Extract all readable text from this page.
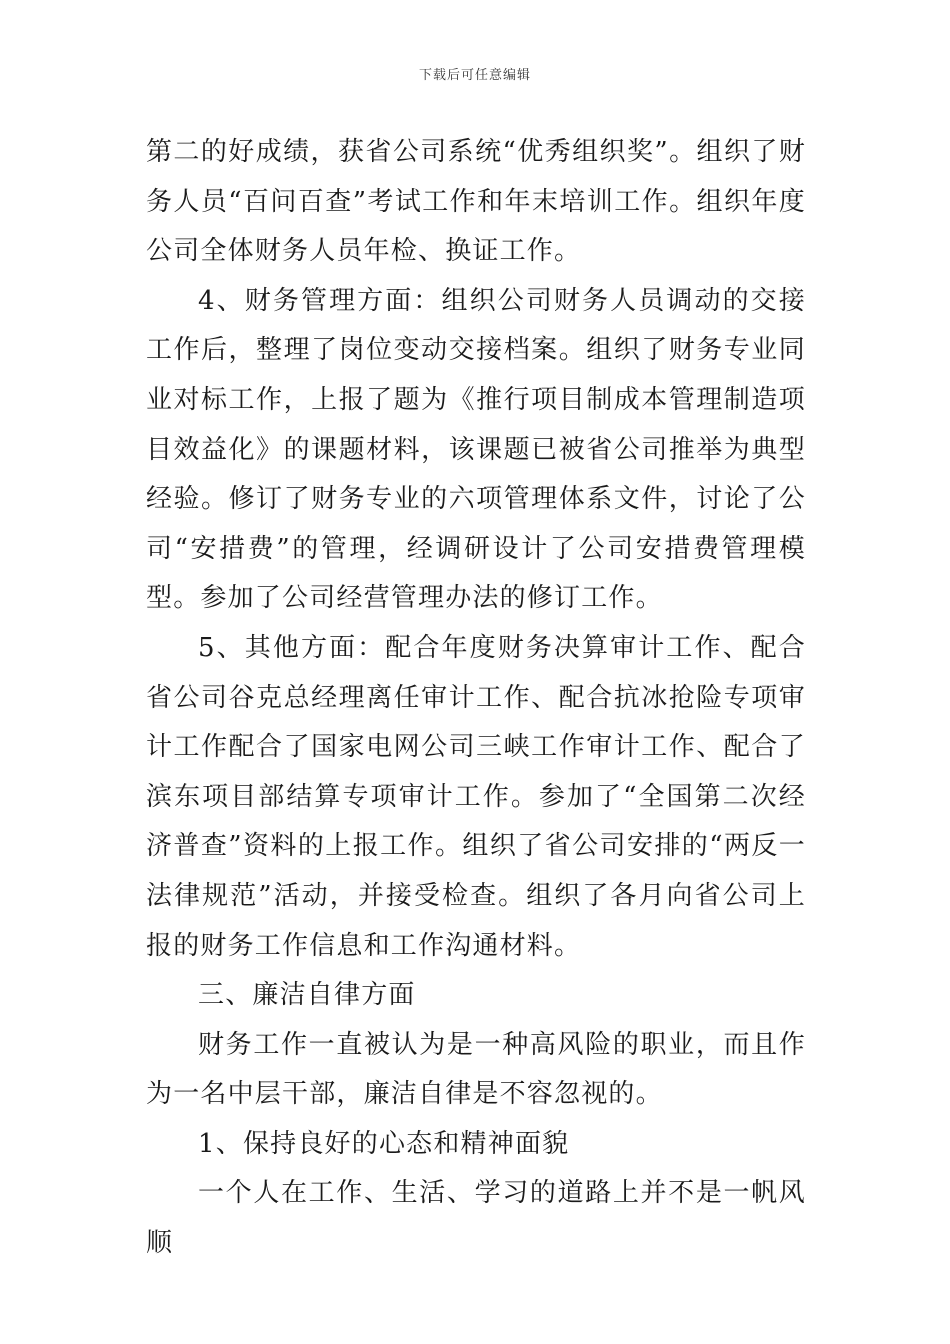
下载后可任意编辑

第二的好成绩，获省公司系统“优秀组织奖”。组织了财务人员“百问百查”考试工作和年末培训工作。组织年度公司全体财务人员年检、换证工作。

4、财务管理方面：组织公司财务人员调动的交接工作后，整理了岗位变动交接档案。组织了财务专业同业对标工作，上报了题为《推行项目制成本管理制造项目效益化》的课题材料，该课题已被省公司推举为典型经验。修订了财务专业的六项管理体系文件，讨论了公司“安措费”的管理，经调研设计了公司安措费管理模型。参加了公司经营管理办法的修订工作。

5、其他方面：配合年度财务决算审计工作、配合省公司谷克总经理离任审计工作、配合抗冰抢险专项审计工作配合了国家电网公司三峡工作审计工作、配合了滨东项目部结算专项审计工作。参加了“全国第二次经济普查”资料的上报工作。组织了省公司安排的“两反一法律规范”活动，并接受检查。组织了各月向省公司上报的财务工作信息和工作沟通材料。

三、廉洁自律方面

财务工作一直被认为是一种高风险的职业，而且作为一名中层干部，廉洁自律是不容忽视的。

1、保持良好的心态和精神面貌

一个人在工作、生活、学习的道路上并不是一帆风顺
